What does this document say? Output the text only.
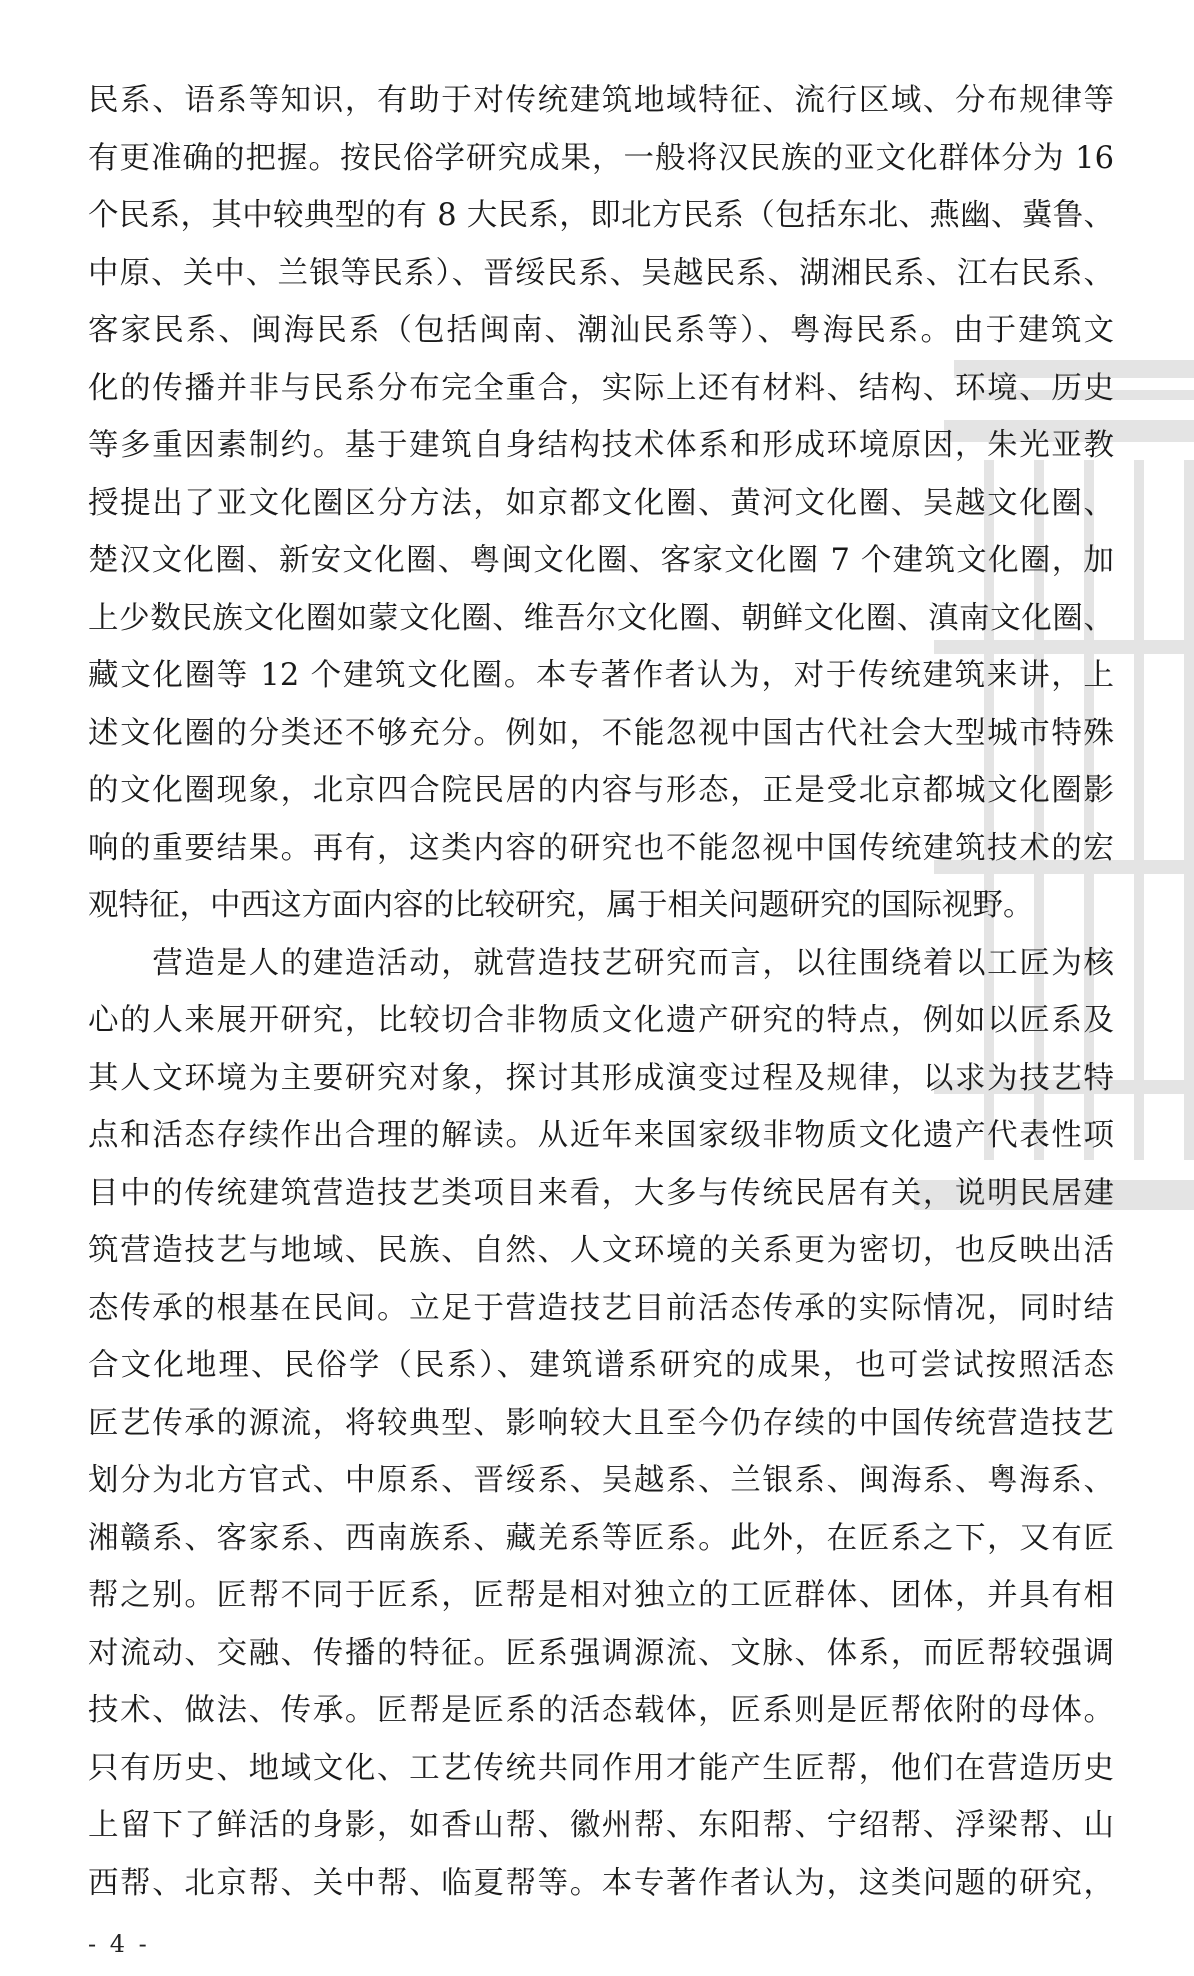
民系、语系等知识，有助于对传统建筑地域特征、流行区域、分布规律等
有更准确的把握。按民俗学研究成果，一般将汉民族的亚文化群体分为 16
个民系，其中较典型的有 8 大民系，即北方民系（包括东北、燕幽、冀鲁、
中原、关中、兰银等民系）、晋绥民系、吴越民系、湖湘民系、江右民系、
客家民系、闽海民系（包括闽南、潮汕民系等）、粤海民系。由于建筑文
化的传播并非与民系分布完全重合，实际上还有材料、结构、环境、历史
等多重因素制约。基于建筑自身结构技术体系和形成环境原因，朱光亚教
授提出了亚文化圈区分方法，如京都文化圈、黄河文化圈、吴越文化圈、
楚汉文化圈、新安文化圈、粤闽文化圈、客家文化圈 7 个建筑文化圈，加
上少数民族文化圈如蒙文化圈、维吾尔文化圈、朝鲜文化圈、滇南文化圈、
藏文化圈等 12 个建筑文化圈。本专著作者认为，对于传统建筑来讲，上
述文化圈的分类还不够充分。例如，不能忽视中国古代社会大型城市特殊
的文化圈现象，北京四合院民居的内容与形态，正是受北京都城文化圈影
响的重要结果。再有，这类内容的研究也不能忽视中国传统建筑技术的宏
观特征，中西这方面内容的比较研究，属于相关问题研究的国际视野。
　　营造是人的建造活动，就营造技艺研究而言，以往围绕着以工匠为核
心的人来展开研究，比较切合非物质文化遗产研究的特点，例如以匠系及
其人文环境为主要研究对象，探讨其形成演变过程及规律，以求为技艺特
点和活态存续作出合理的解读。从近年来国家级非物质文化遗产代表性项
目中的传统建筑营造技艺类项目来看，大多与传统民居有关，说明民居建
筑营造技艺与地域、民族、自然、人文环境的关系更为密切，也反映出活
态传承的根基在民间。立足于营造技艺目前活态传承的实际情况，同时结
合文化地理、民俗学（民系）、建筑谱系研究的成果，也可尝试按照活态
匠艺传承的源流，将较典型、影响较大且至今仍存续的中国传统营造技艺
划分为北方官式、中原系、晋绥系、吴越系、兰银系、闽海系、粤海系、
湘赣系、客家系、西南族系、藏羌系等匠系。此外，在匠系之下，又有匠
帮之别。匠帮不同于匠系，匠帮是相对独立的工匠群体、团体，并具有相
对流动、交融、传播的特征。匠系强调源流、文脉、体系，而匠帮较强调
技术、做法、传承。匠帮是匠系的活态载体，匠系则是匠帮依附的母体。
只有历史、地域文化、工艺传统共同作用才能产生匠帮，他们在营造历史
上留下了鲜活的身影，如香山帮、徽州帮、东阳帮、宁绍帮、浮梁帮、山
西帮、北京帮、关中帮、临夏帮等。本专著作者认为，这类问题的研究，
- 4 -
